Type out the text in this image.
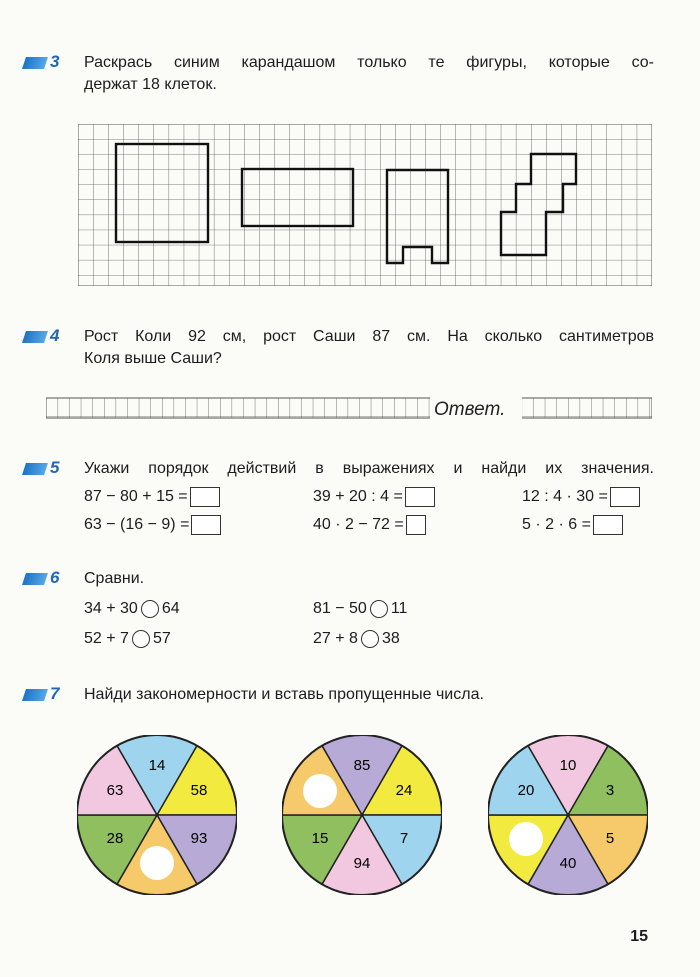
3	Раскрась синим карандашом только те фигуры, которые со-
держат 18 клеток.
4	Рост Коли 92 см, рост Саши 87 см. На сколько сантиметров
Коля выше Саши?
Ответ.
5	Укажи порядок действий в выражениях и найди их значения.
87 − 80 + 15 =	39 + 20 : 4 =	12 : 4 · 30 =
63 − (16 − 9) =	40 · 2 − 72 =	5 · 2 · 6 =
6	Сравни.
34 + 30 64	81 − 50 11
52 + 7 57	27 + 8 38
7	Найди закономерности и вставь пропущенные числа.
14
58
93
28
63
85
24
7
94
15
10
3
5
40
20
15
